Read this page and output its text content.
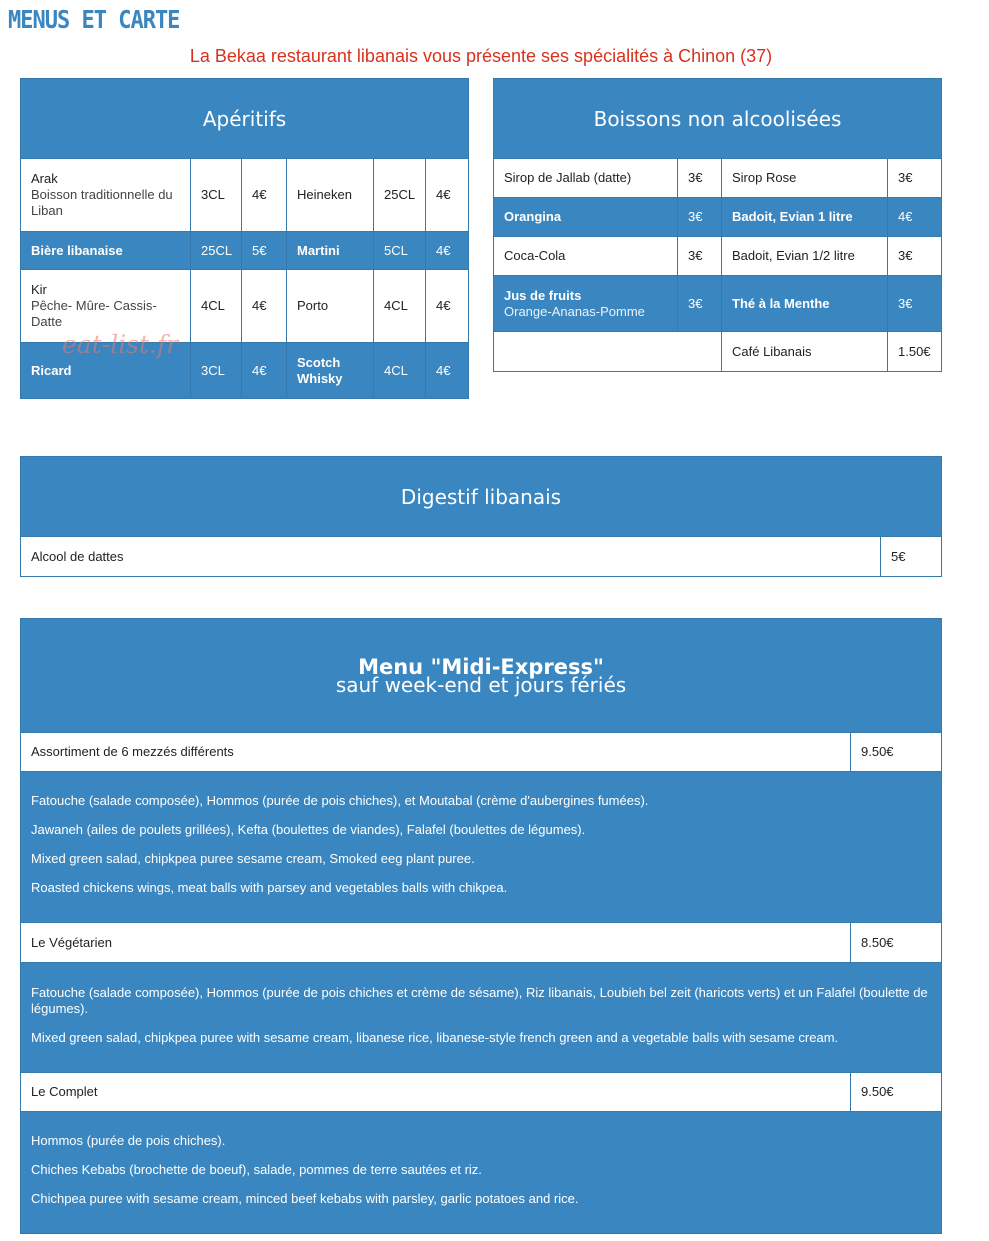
MENUS ET CARTE
La Bekaa restaurant libanais vous présente ses spécialités à Chinon (37)
Apéritifs					
Arak
Boisson traditionnelle du Liban	3CL	4€	Heineken	25CL	4€
Bière libanaise	25CL	5€	Martini	5CL	4€
Kir
Pêche- Mûre- Cassis- Datte	4CL	4€	Porto	4CL	4€
Ricard	3CL	4€	Scotch Whisky	4CL	4€
eat-list.fr
Boissons non alcoolisées			
Sirop de Jallab (datte)	3€	Sirop Rose	3€
Orangina	3€	Badoit, Evian 1 litre	4€
Coca-Cola	3€	Badoit, Evian 1/2 litre	3€
Jus de fruits
Orange-Ananas-Pomme	3€	Thé à la Menthe	3€
		Café Libanais	1.50€
Digestif libanais
Alcool de dattes	5€
Menu "Midi-Express"
sauf week-end et jours fériés	

Assortiment de 6 mezzés différents	9.50€

Fatouche (salade composée), Hommos (purée de pois chiches), et Moutabal (crème d'aubergines fumées).

Jawaneh (ailes de poulets grillées), Kefta (boulettes de viandes), Falafel (boulettes de légumes).

Mixed green salad, chipkpea puree sesame cream, Smoked eeg plant puree.

Roasted chickens wings, meat balls with parsey and vegetables balls with chikpea.	

Le Végétarien	8.50€

Fatouche (salade composée), Hommos (purée de pois chiches et crème de sésame), Riz libanais, Loubieh bel zeit (haricots verts) et un Falafel (boulette de légumes).

Mixed green salad, chipkpea puree with sesame cream, libanese rice, libanese-style french green and a vegetable balls with sesame cream.	

Le Complet	9.50€

Hommos (purée de pois chiches).

Chiches Kebabs (brochette de boeuf), salade, pommes de terre sautées et riz.

Chichpea puree with sesame cream, minced beef kebabs with parsley, garlic potatoes and rice.	
